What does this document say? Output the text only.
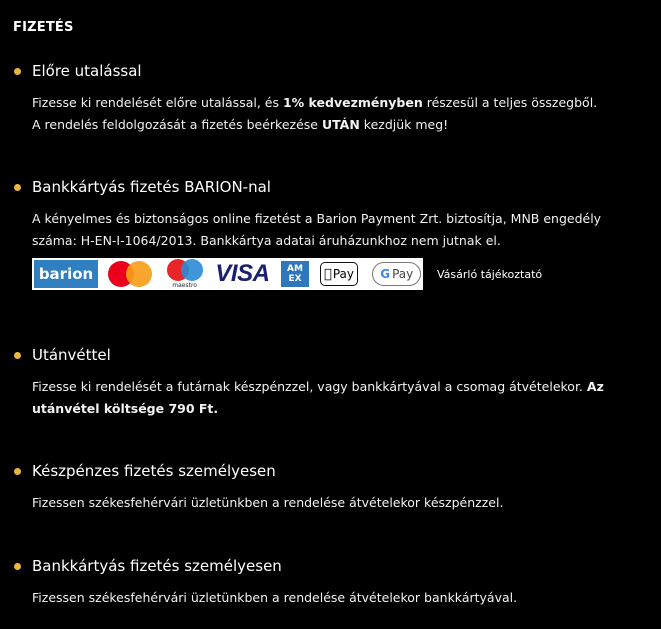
FIZETÉS
Előre utalással
Fizesse ki rendelését előre utalással, és 1% kedvezményben részesül a teljes összegből.
A rendelés feldolgozását a fizetés beérkezése UTÁN kezdjük meg!
Bankkártyás fizetés BARION-nal
A kényelmes és biztonságos online fizetést a Barion Payment Zrt. biztosítja, MNB engedély száma: H-EN-I-1064/2013. Bankkártya adatai áruházunkhoz nem jutnak el.
barion
maestro VISA AM
EX Pay	G Pay Vásárló tájékoztató
Utánvéttel
Fizesse ki rendelését a futárnak készpénzzel, vagy bankkártyával a csomag átvételekor. Az utánvétel költsége 790 Ft.
Készpénzes fizetés személyesen
Fizessen székesfehérvári üzletünkben a rendelése átvételekor készpénzzel.
Bankkártyás fizetés személyesen
Fizessen székesfehérvári üzletünkben a rendelése átvételekor bankkártyával.
